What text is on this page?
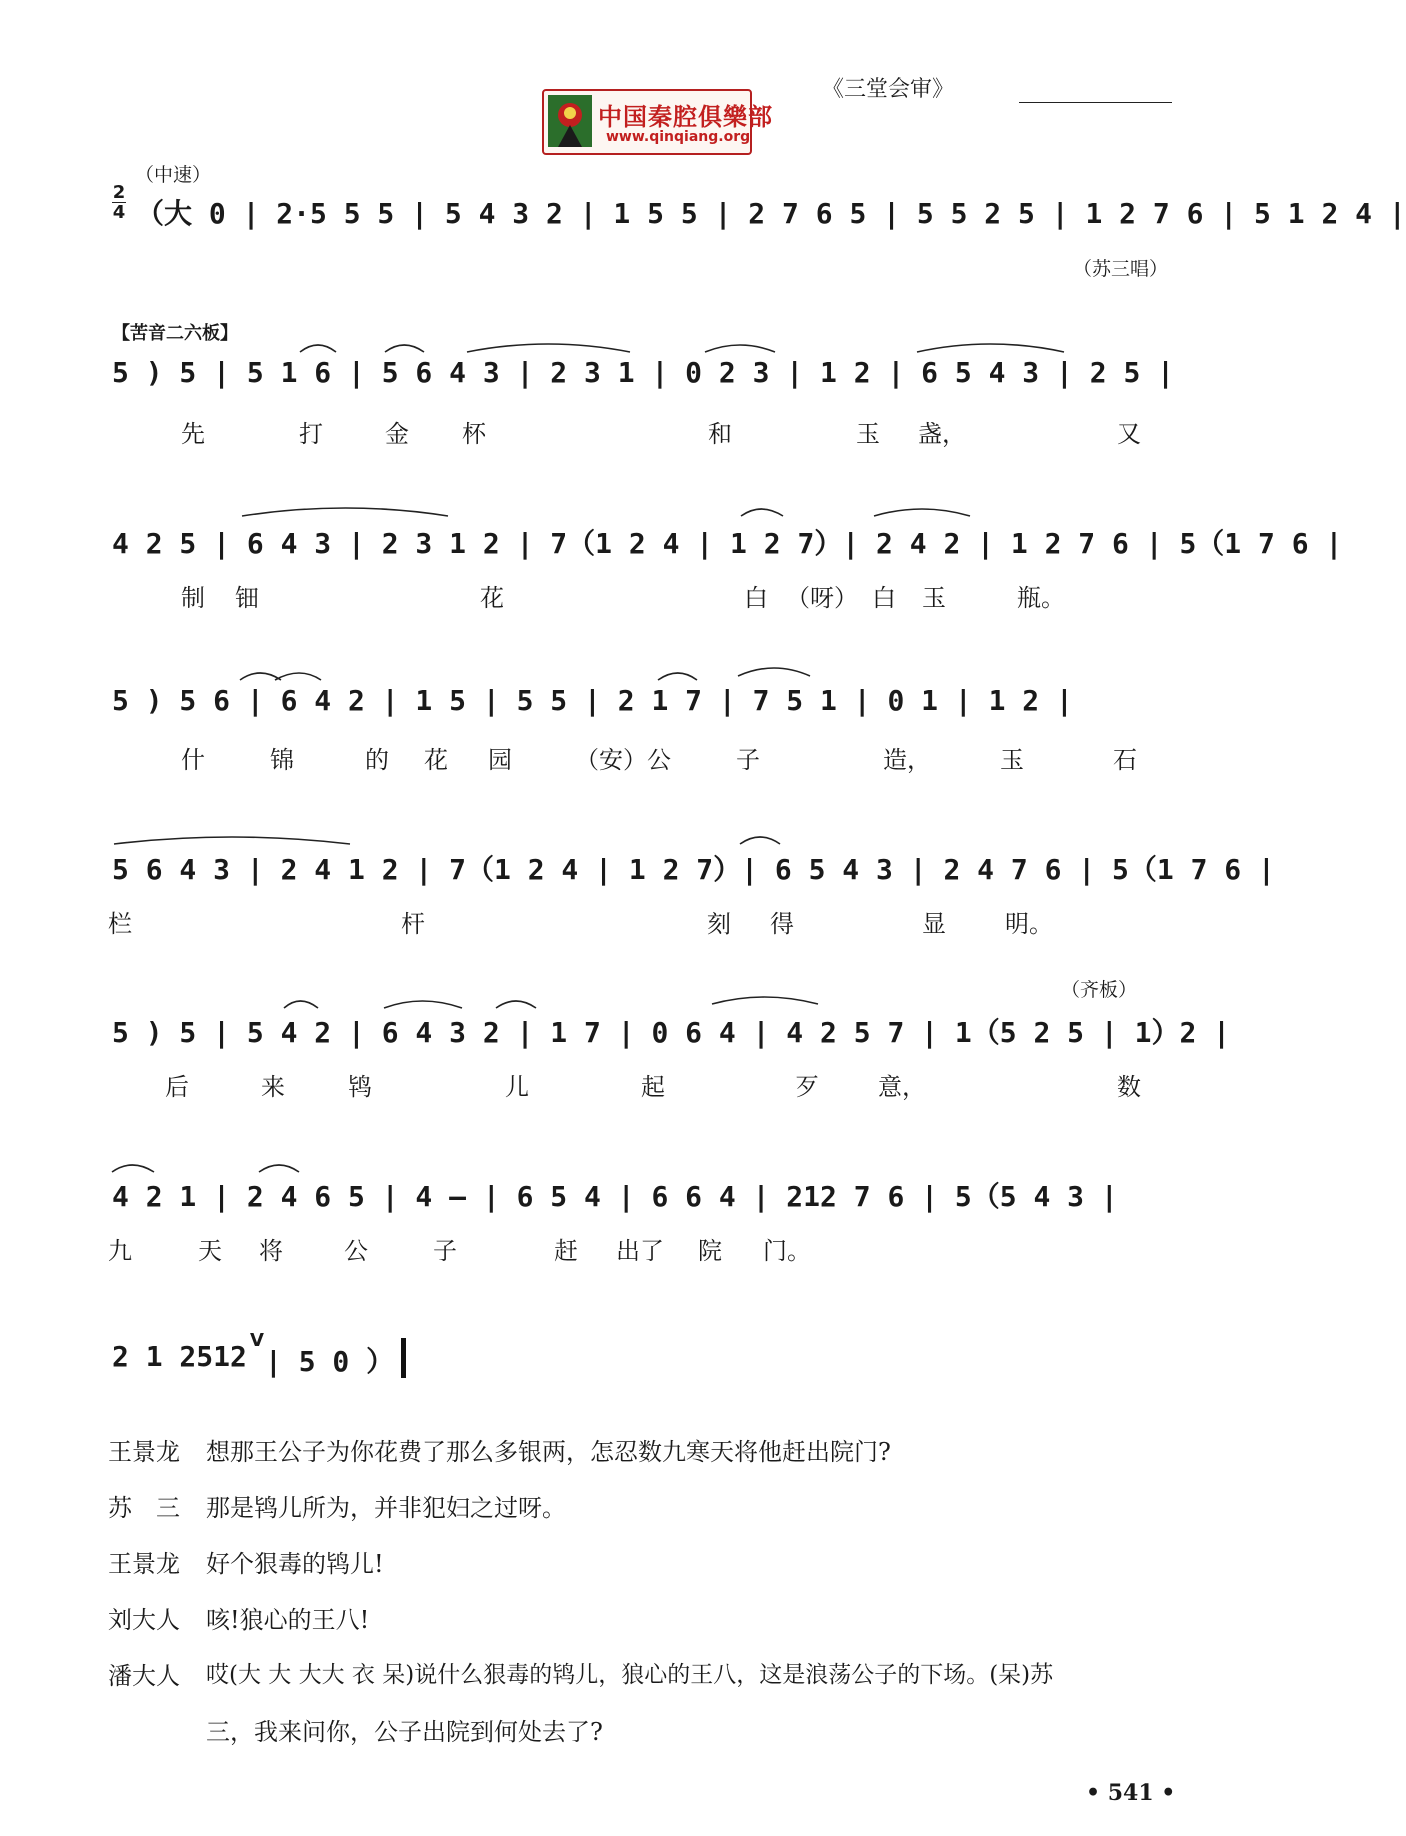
《三堂会审》
中国秦腔俱樂部
www.qinqiang.org
（中速）
2
4 （大 0 | 2·5 5 5 | 5 4 3 2 | 1 5 5 | 2 7 6 5 | 5 5 2 5 | 1 2 7 6 | 5 1 2 4 |
（苏三唱）
【苦音二六板】
5 ) 5 | 5 1 6 | 5 6 4 3 | 2 3 1 | 0 2 3 | 1 2 | 6 5 4 3 | 2 5 |
先	打	金 杯	和	玉 盏，	又
4 2 5 | 6 4 3 | 2 3 1 2 | 7（1 2 4 | 1 2 7）| 2 4 2 | 1 2 7 6 | 5（1 7 6 |
制 钿	花	白 （呀） 白 玉	瓶。
5 ) 5 6 | 6 4 2 | 1 5 | 5 5 | 2 1 7 | 7 5 1 | 0 1 | 1 2 |
什	锦	的 花 园	（安）公	子	造，	玉	石
5 6 4 3 | 2 4 1 2 | 7（1 2 4 | 1 2 7）| 6 5 4 3 | 2 4 7 6 | 5（1 7 6 |
栏	杆	刻 得	显 明。
（齐板）
5 ) 5 | 5 4 2 | 6 4 3 2 | 1 7 | 0 6 4 | 4 2 5 7 | 1（5 2 5 | 1）2 |
后	来	鸨	儿	起	歹 意，	数
4 2 1 | 2 4 6 5 | 4 – | 6 5 4 | 6 6 4 | 212 7 6 | 5（5 4 3 |
九	天 将	公	子	赶 出了 院 门。
2 1 2512 V
| 5 0 ）
王景龙 想那王公子为你花费了那么多银两，怎忍数九寒天将他赶出院门?
苏　三 那是鸨儿所为，并非犯妇之过呀。
王景龙 好个狠毒的鸨儿!
刘大人 咳!狼心的王八!
潘大人 哎(大 大 大大 衣 呆)说什么狠毒的鸨儿，狼心的王八，这是浪荡公子的下场。(呆)苏
三，我来问你，公子出院到何处去了?
• 541 •
